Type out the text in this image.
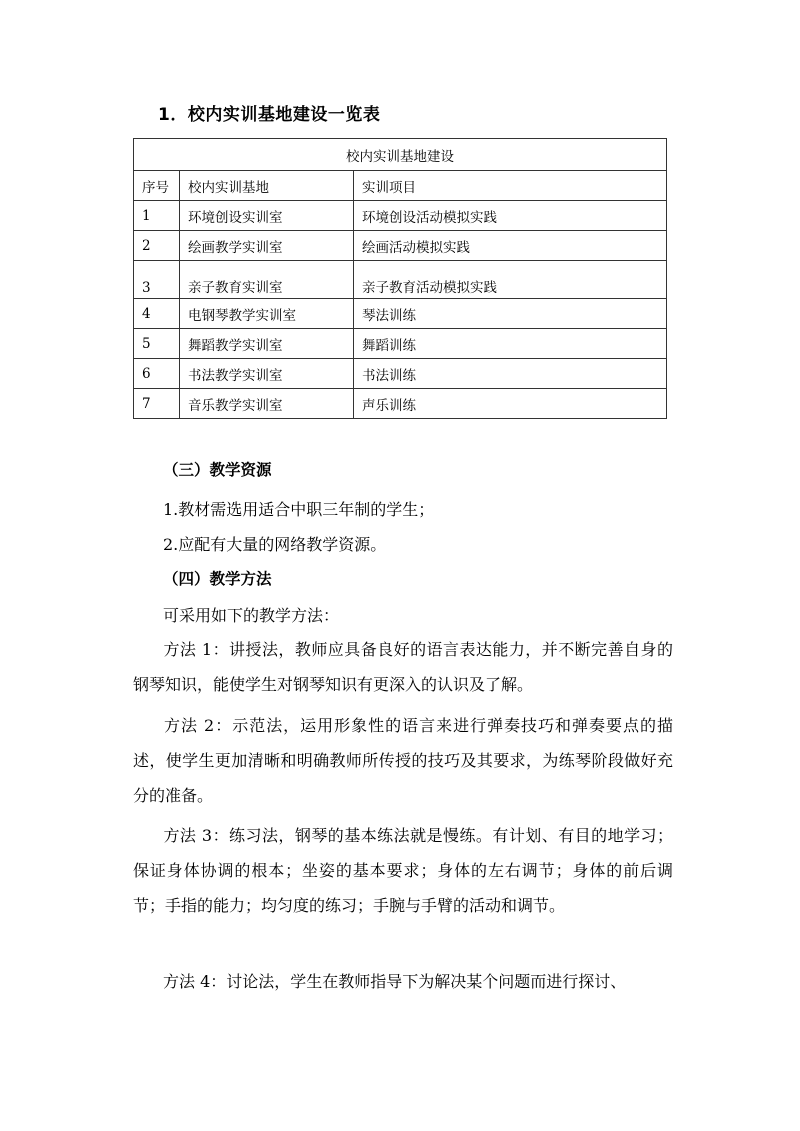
1．校内实训基地建设一览表
校内实训基地建设		
序号	校内实训基地	实训项目
1	环境创设实训室	环境创设活动模拟实践
2	绘画教学实训室	绘画活动模拟实践
3	亲子教育实训室	亲子教育活动模拟实践
4	电钢琴教学实训室	琴法训练
5	舞蹈教学实训室	舞蹈训练
6	书法教学实训室	书法训练
7	音乐教学实训室	声乐训练
（三）教学资源
1.教材需选用适合中职三年制的学生；
2.应配有大量的网络教学资源。
（四）教学方法
可采用如下的教学方法：
方法 1：讲授法，教师应具备良好的语言表达能力，并不断完善自身的钢琴知识，能使学生对钢琴知识有更深入的认识及了解。
方法 2：示范法，运用形象性的语言来进行弹奏技巧和弹奏要点的描述，使学生更加清晰和明确教师所传授的技巧及其要求，为练琴阶段做好充分的准备。
方法 3：练习法，钢琴的基本练法就是慢练。有计划、有目的地学习；保证身体协调的根本；坐姿的基本要求；身体的左右调节；身体的前后调节；手指的能力；均匀度的练习；手腕与手臂的活动和调节。
方法 4：讨论法，学生在教师指导下为解决某个问题而进行探讨、
